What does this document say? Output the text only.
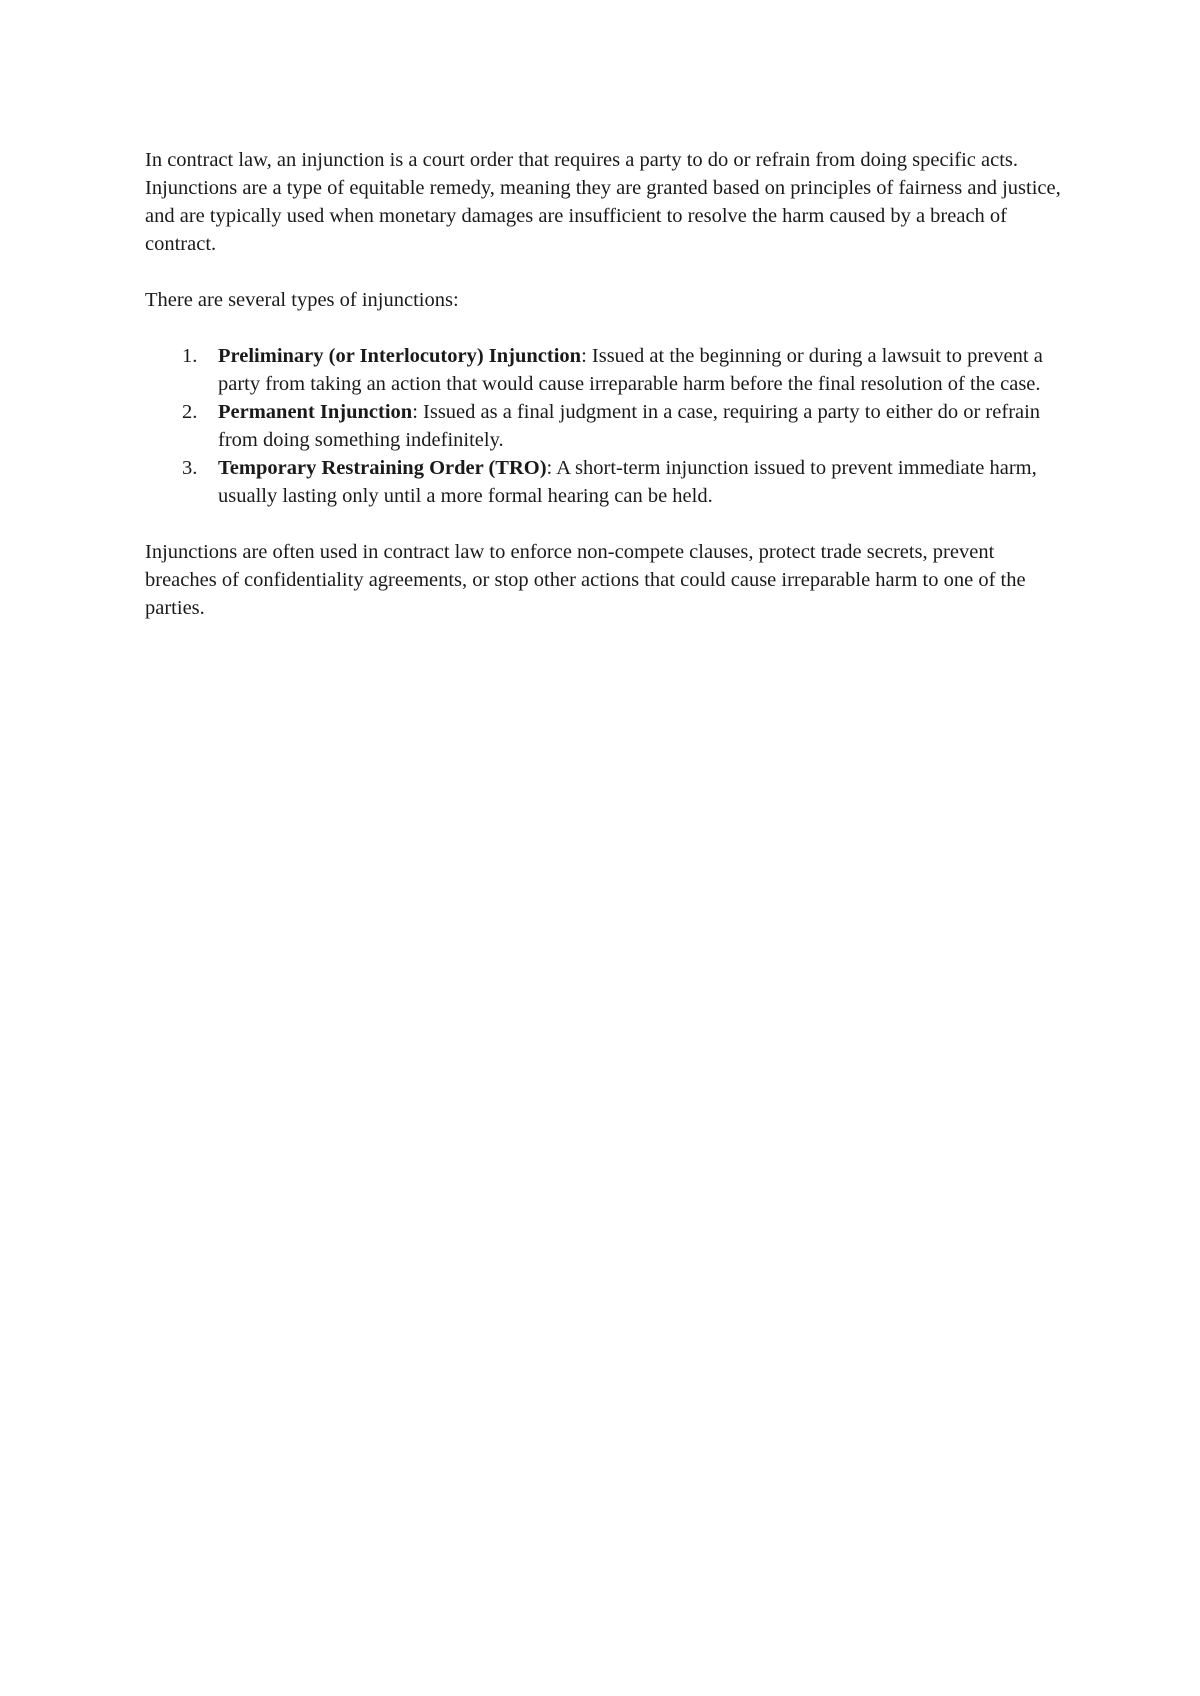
In contract law, an injunction is a court order that requires a party to do or refrain from doing specific acts. Injunctions are a type of equitable remedy, meaning they are granted based on principles of fairness and justice, and are typically used when monetary damages are insufficient to resolve the harm caused by a breach of contract.

There are several types of injunctions:

1. Preliminary (or Interlocutory) Injunction: Issued at the beginning or during a lawsuit to prevent a party from taking an action that would cause irreparable harm before the final resolution of the case.
2. Permanent Injunction: Issued as a final judgment in a case, requiring a party to either do or refrain from doing something indefinitely.
3. Temporary Restraining Order (TRO): A short-term injunction issued to prevent immediate harm, usually lasting only until a more formal hearing can be held.

Injunctions are often used in contract law to enforce non-compete clauses, protect trade secrets, prevent breaches of confidentiality agreements, or stop other actions that could cause irreparable harm to one of the parties.
